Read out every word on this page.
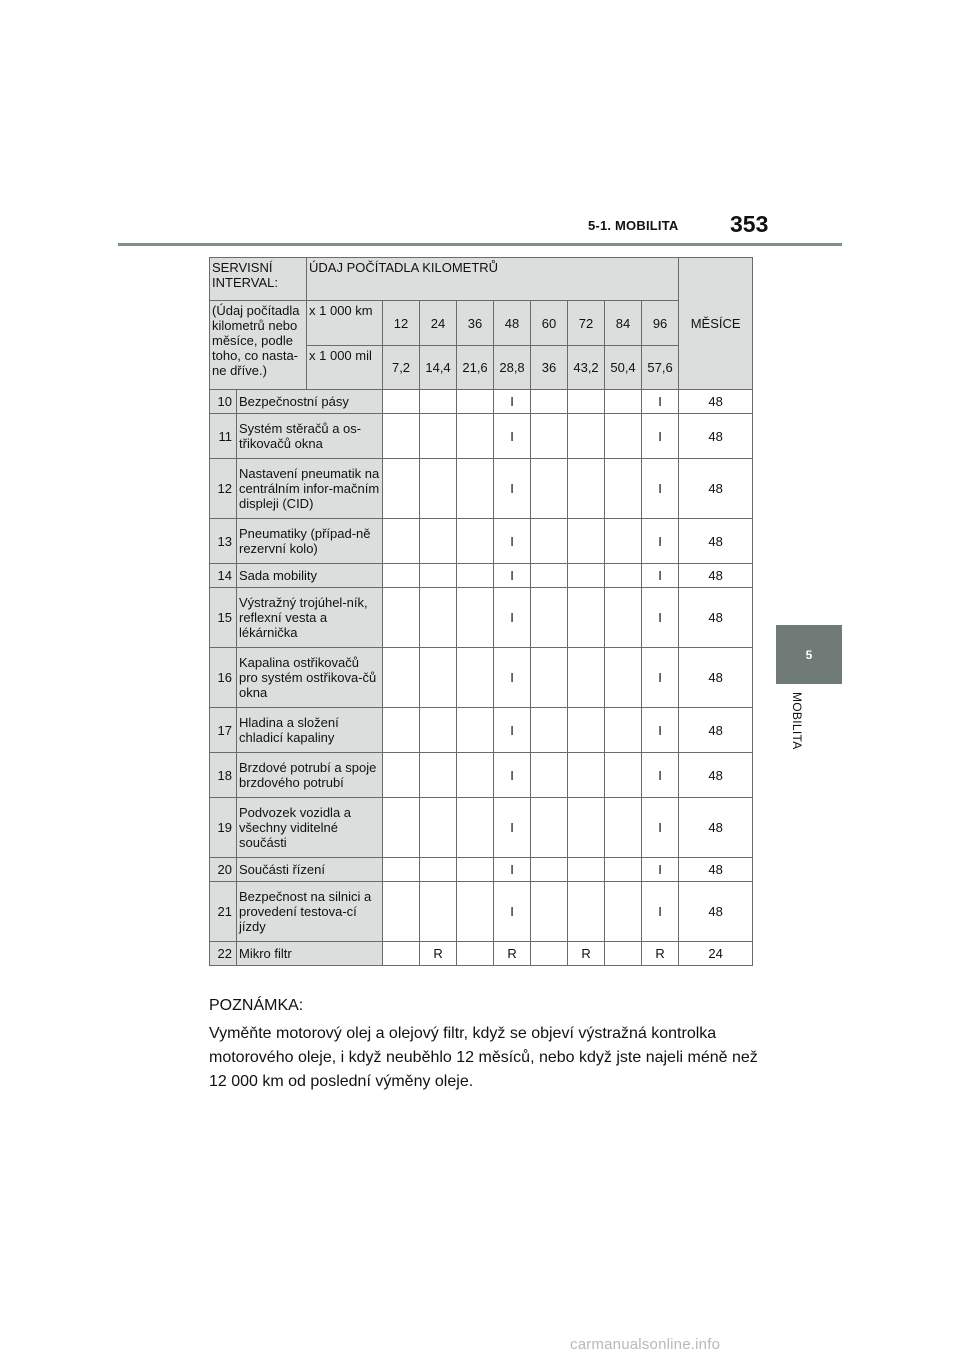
5-1. MOBILITA 353
5
MOBILITA
SERVISNÍ INTERVAL:		ÚDAJ POČÍTADLA KILOMETRŮ									MĚSÍCE
(Údaj počítadla kilometrů nebo měsíce, podle toho, co nasta-ne dříve.)		x 1 000 km	12	24	36	48	60	72	84	96	
		x 1 000 mil	7,2	14,4	21,6	28,8	36	43,2	50,4	57,6	
10	Bezpečnostní pásy					I				I	48
11	Systém stěračů a os-třikovačů okna					I				I	48
12	Nastavení pneumatik na centrálním infor-mačním displeji (CID)					I				I	48
13	Pneumatiky (případ-ně rezervní kolo)					I				I	48
14	Sada mobility					I				I	48
15	Výstražný trojúhel-ník, reflexní vesta a lékárnička					I				I	48
16	Kapalina ostřikovačů pro systém ostřikova-čů okna					I				I	48
17	Hladina a složení chladicí kapaliny					I				I	48
18	Brzdové potrubí a spoje brzdového potrubí					I				I	48
19	Podvozek vozidla a všechny viditelné součásti					I				I	48
20	Součásti řízení					I				I	48
21	Bezpečnost na silnici a provedení testova-cí jízdy					I				I	48
22	Mikro filtr			R		R		R		R	24
POZNÁMKA:
Vyměňte motorový olej a olejový filtr, když se objeví výstražná kontrolka motorového oleje, i když neuběhlo 12 měsíců, nebo když jste najeli méně než 12 000 km od poslední výměny oleje.
carmanualsonline.info
